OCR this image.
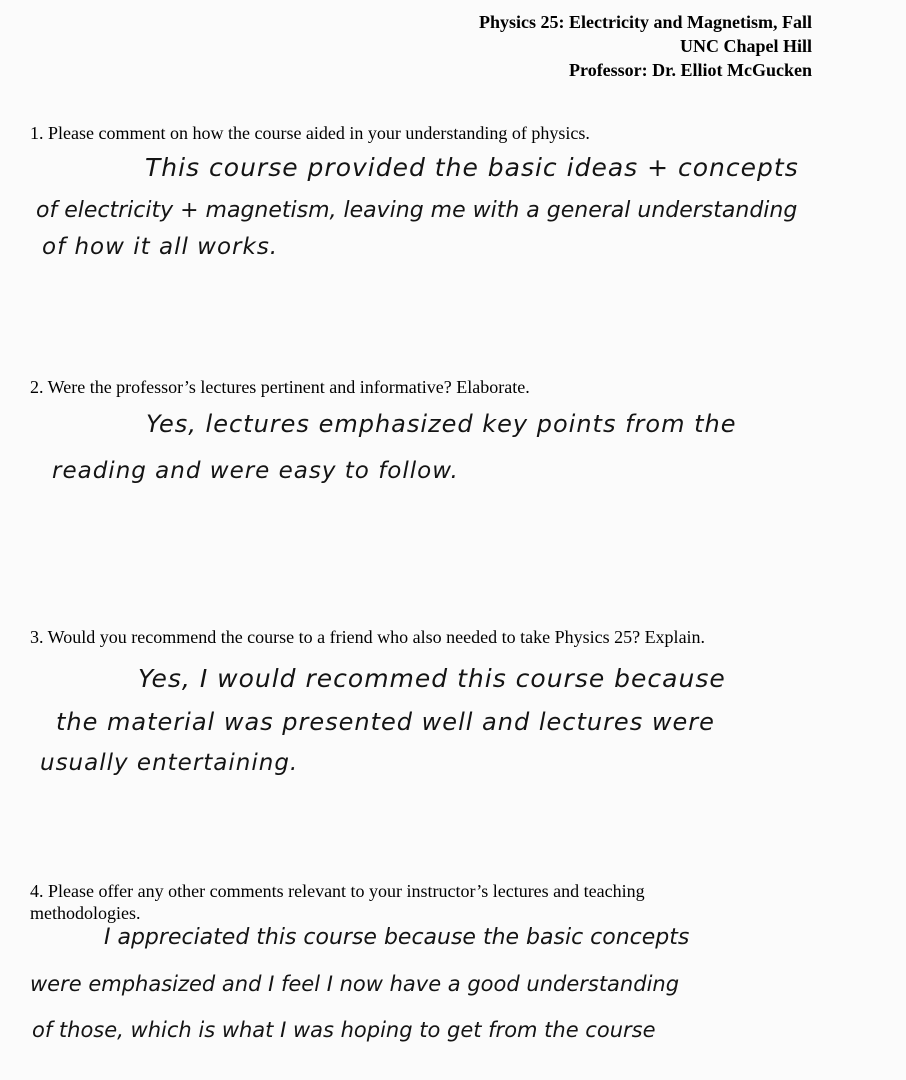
Physics 25: Electricity and Magnetism, Fall
UNC Chapel Hill
Professor: Dr. Elliot McGucken
1. Please comment on how the course aided in your understanding of physics.
This course provided the basic ideas + concepts
of electricity + magnetism, leaving me with a general understanding
of how it all works.
2. Were the professor’s lectures pertinent and informative? Elaborate.
Yes, lectures emphasized key points from the
reading and were easy to follow.
3. Would you recommend the course to a friend who also needed to take Physics 25? Explain.
Yes, I would recommed this course because
the material was presented well and lectures were
usually entertaining.
4. Please offer any other comments relevant to your instructor’s lectures and teaching methodologies.
I appreciated this course because the basic concepts
were emphasized and I feel I now have a good understanding
of those, which is what I was hoping to get from the course
